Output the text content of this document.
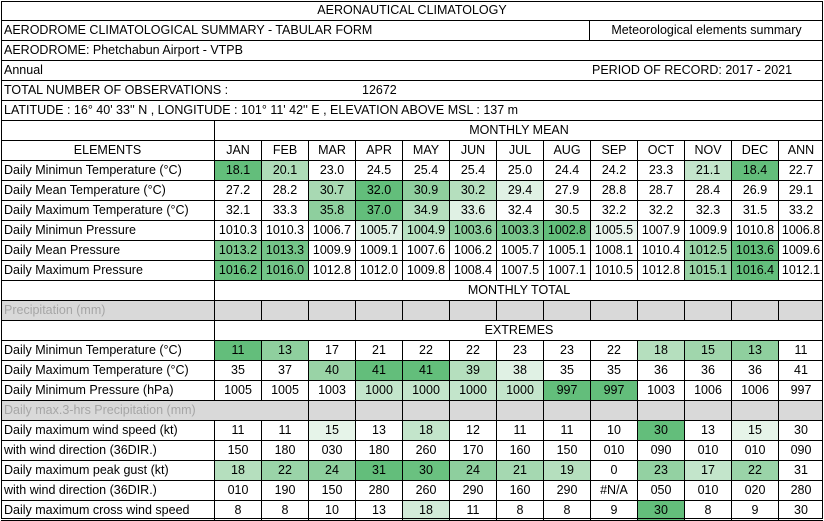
AERONAUTICAL CLIMATOLOGY
AERODROME CLIMATOLOGICAL SUMMARY - TABULAR FORM	Meteorological elements summary
AERODROME: Phetchabun Airport - VTPB
Annual	PERIOD OF RECORD: 2017 - 2021
TOTAL NUMBER OF OBSERVATIONS :	12672
LATITUDE : 16° 40' 33'' N , LONGITUDE : 101° 11' 42'' E , ELEVATION ABOVE MSL : 137 m
MONTHLY MEAN
ELEMENTS	JAN	FEB	MAR	APR	MAY	JUN	JUL	AUG	SEP	OCT	NOV	DEC	ANN
Daily Minimun Temperature (°C)	18.1	20.1	23.0	24.5	25.4	25.4	25.0	24.4	24.2	23.3	21.1	18.4	22.7
Daily Mean Temperature (°C)	27.2	28.2	30.7	32.0	30.9	30.2	29.4	27.9	28.8	28.7	28.4	26.9	29.1
Daily Maximum Temperature (°C)	32.1	33.3	35.8	37.0	34.9	33.6	32.4	30.5	32.2	32.2	32.3	31.5	33.2
Daily Minimun Pressure	1010.3 1010.3 1006.7 1005.7 1004.9 1003.6 1003.3 1002.8 1005.5 1007.9 1009.9 1010.8 1006.8
Daily Mean Pressure	1013.2 1013.3 1009.9 1009.1 1007.6 1006.2 1005.7 1005.1 1008.1 1010.4 1012.5 1013.6 1009.6
Daily Maximum Pressure	1016.2 1016.0 1012.8 1012.0 1009.8 1008.4 1007.5 1007.1 1010.5 1012.8 1015.1 1016.4 1012.1
MONTHLY TOTAL
Precipitation (mm)
EXTREMES
Daily Minimun Temperature (°C)	11	13	17	21	22	22	23	23	22	18	15	13	11
Daily Maximum Temperature (°C)	35	37	40	41	41	39	38	35	35	36	36	36	41
Daily Minimum Pressure (hPa)	1005	1005	1003	1000	1000	1000	1000	997	997	1003	1006	1006	997
Daily max.3-hrs Precipitation (mm)
Daily maximum wind speed (kt)	11	11	15	13	18	12	11	11	10	30	13	15	30
with wind direction (36DIR.)	150	180	030	180	260	170	160	150	010	090	010	010	090
Daily maximum peak gust (kt)	18	22	24	31	30	24	21	19	0	23	17	22	31
with wind direction (36DIR.)	010	190	150	280	260	290	160	290	#N/A	050	010	020	280
Daily maximum cross wind speed	8	8	10	13	18	11	8	8	9	30	8	9	30
